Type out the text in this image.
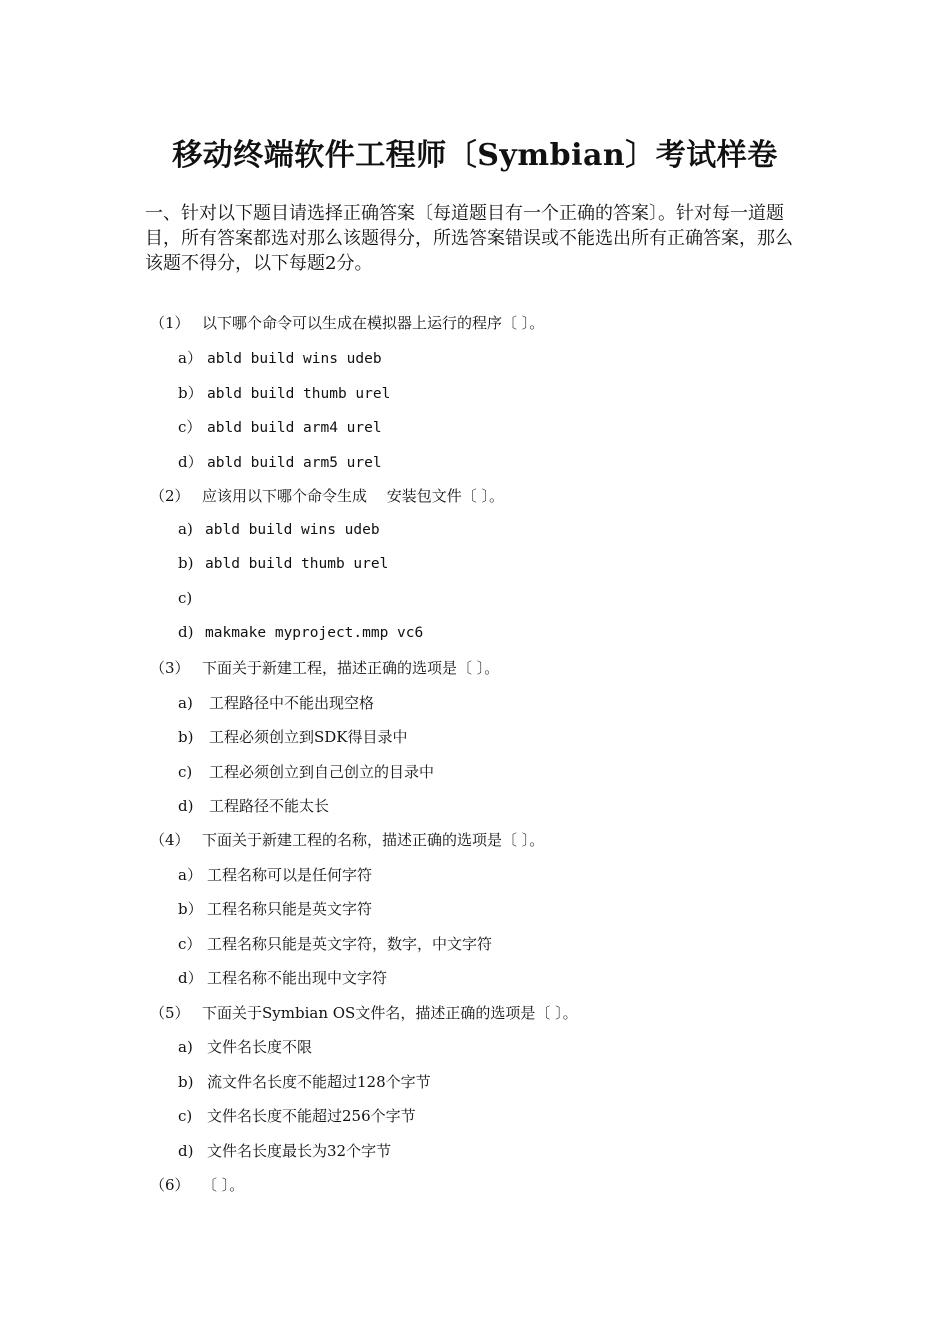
移动终端软件工程师〔Symbian〕考试样卷
一、针对以下题目请选择正确答案〔每道题目有一个正确的答案〕。针对每一道题目，所有答案都选对那么该题得分，所选答案错误或不能选出所有正确答案，那么该题不得分，以下每题2分。
（1） 以下哪个命令可以生成在模拟器上运行的程序〔 〕。
a） abld build wins udeb
b） abld build thumb urel
c） abld build arm4 urel
d） abld build arm5 urel
（2） 应该用以下哪个命令生成　 安装包文件〔 〕。
a) abld build wins udeb
b) abld build thumb urel
c)
d) makmake myproject.mmp vc6
（3） 下面关于新建工程，描述正确的选项是〔 〕。
a) 工程路径中不能出现空格
b) 工程必须创立到SDK得目录中
c) 工程必须创立到自己创立的目录中
d) 工程路径不能太长
（4） 下面关于新建工程的名称，描述正确的选项是〔 〕。
a） 工程名称可以是任何字符
b） 工程名称只能是英文字符
c） 工程名称只能是英文字符，数字，中文字符
d） 工程名称不能出现中文字符
（5） 下面关于Symbian OS文件名，描述正确的选项是〔 〕。
a) 文件名长度不限
b) 流文件名长度不能超过128个字节
c) 文件名长度不能超过256个字节
d) 文件名长度最长为32个字节
（6） 〔 〕。
